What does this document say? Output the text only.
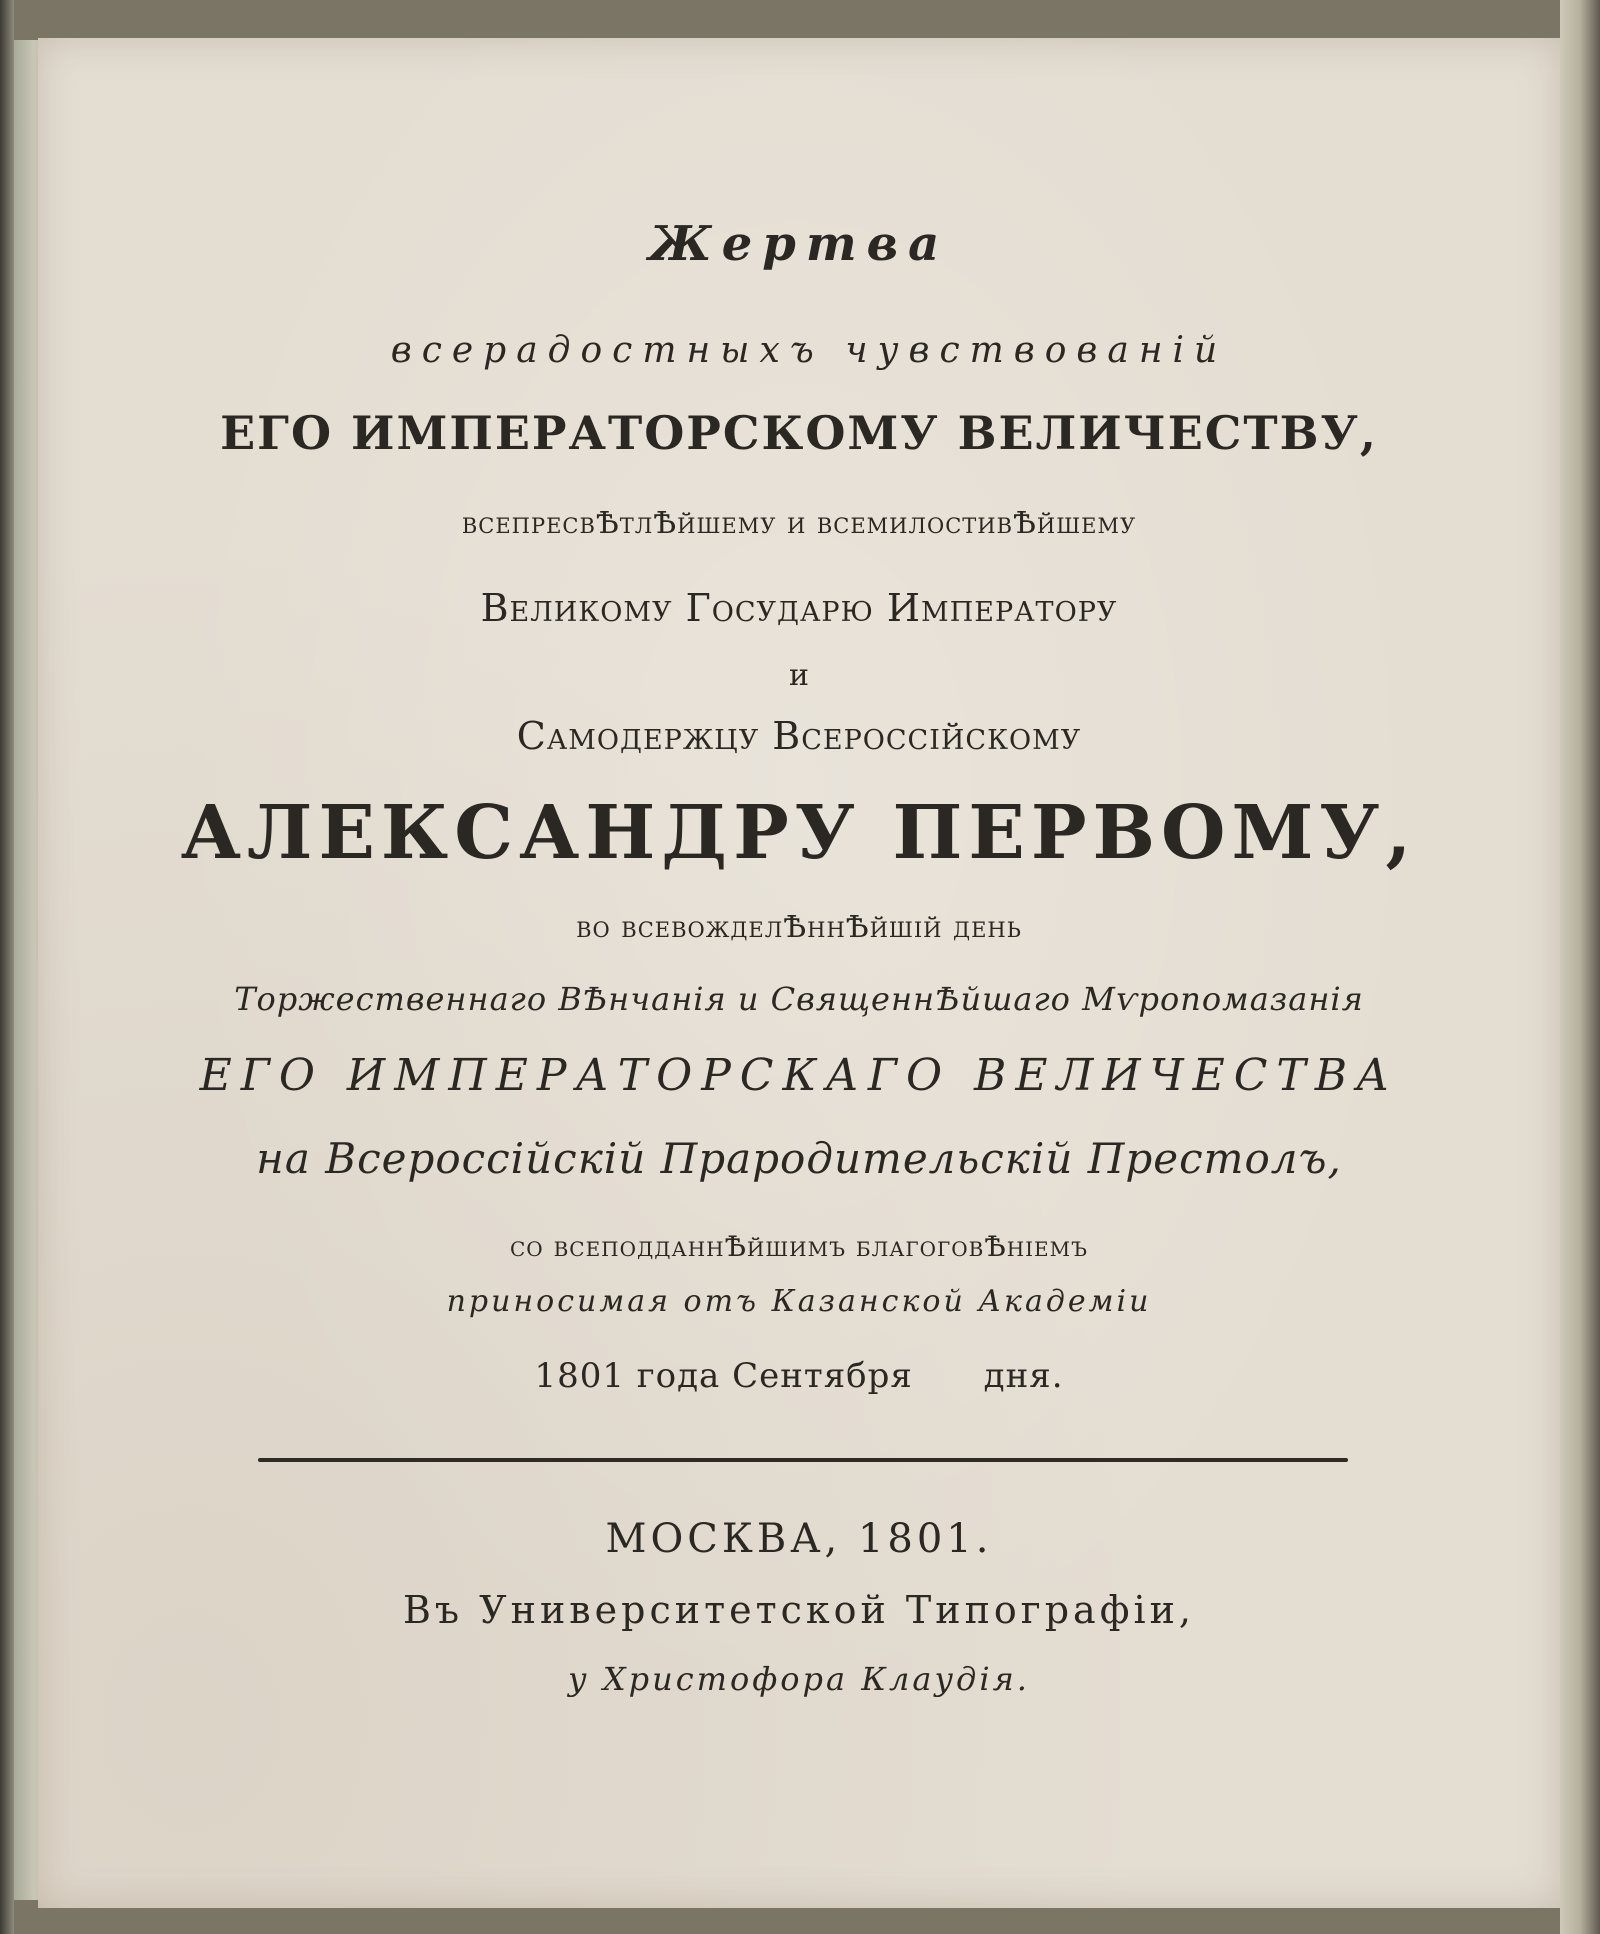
Жертва
всерадостныхъ чувствованій
ЕГО ИМПЕРАТОРСКОМУ ВЕЛИЧЕСТВУ,
всепресвѢтлѢйшему и всемилостивѢйшему
Великому Государю Императору
и
Самодержцу Всероссійскому
АЛЕКСАНДРУ ПЕРВОМУ,
во всевожделѢннѢйшій день
Торжественнаго ВѢнчанія и СвященнѢйшаго Мѵропомазанія
ЕГО ИМПЕРАТОРСКАГО ВЕЛИЧЕСТВА
на Всероссійскій Прародительскій Престолъ,
со всеподданнѢйшимъ благоговѢніемъ
приносимая отъ Казанской Академіи
1801 года Сентября      дня.
МОСКВА, 1801.
Въ Университетской Типографіи,
у Христофора Клаудія.
